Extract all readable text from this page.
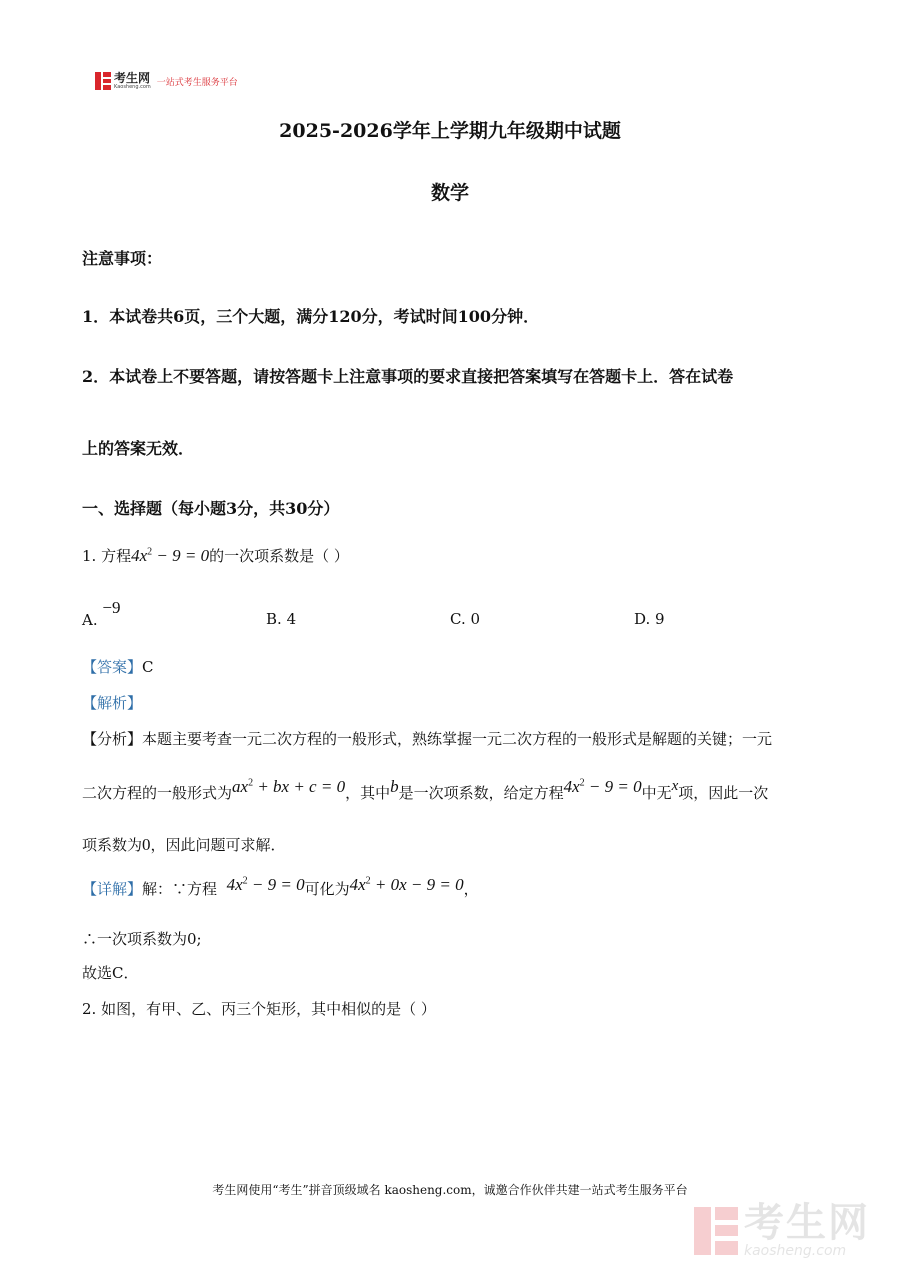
考生网
Kaosheng.com 一站式考生服务平台
2025-2026学年上学期九年级期中试题
数学
注意事项：
1．本试卷共6页，三个大题，满分120分，考试时间100分钟．
2．本试卷上不要答题，请按答题卡上注意事项的要求直接把答案填写在答题卡上．答在试卷
上的答案无效．
一、选择题（每小题3分，共30分）
1. 方程$4x^2 - 9 = 0$的一次项系数是（ ）
A. −9
B. 4	C. 0	D. 9
【答案】C
【解析】
【分析】本题主要考查一元二次方程的一般形式，熟练掌握一元二次方程的一般形式是解题的关键；一元
二次方程的一般形式为$ax^2$ + bx + c = 0，其中b是一次项系数，给定方程$4x^2 - 9 = 0$中无x项，因此一次
项系数为0，因此问题可求解．
【详解】解：∵方程 $4x^2 - 9 = 0$可化为$4x^2 + 0x - 9 = 0$，
∴一次项系数为0;
故选C．
2. 如图，有甲、乙、丙三个矩形，其中相似的是（ ）
考生网使用“考生”拼音顶级域名 kaosheng.com，诚邀合作伙伴共建一站式考生服务平台
考生网
kaosheng.com
